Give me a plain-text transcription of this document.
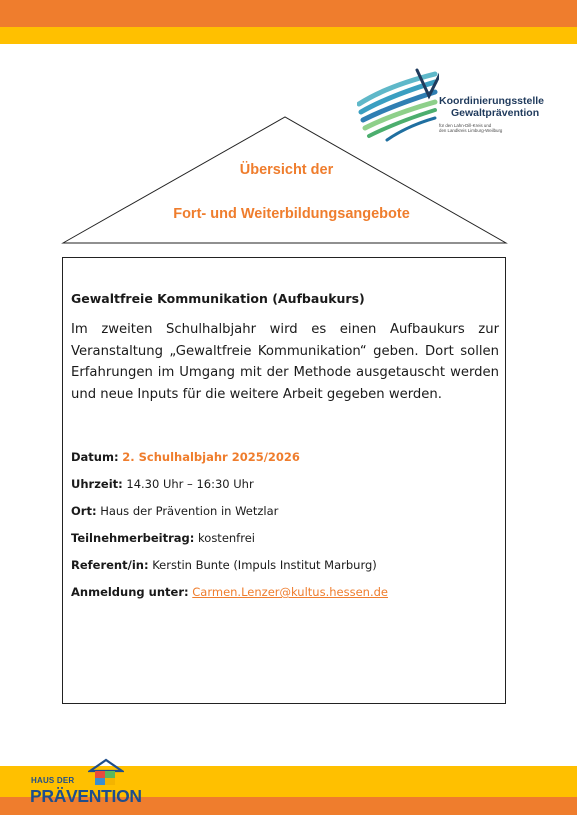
Koordinierungsstelle
Gewaltprävention
für den Lahn-Dill-Kreis und
den Landkreis Limburg-Weilburg
Übersicht der
Fort- und Weiterbildungsangebote
Gewaltfreie Kommunikation (Aufbaukurs)

Im zweiten Schulhalbjahr wird es einen Aufbaukurs zur Veranstaltung „Gewaltfreie Kommunikation“ geben. Dort sollen Erfahrungen im Umgang mit der Methode ausgetauscht werden und neue Inputs für die weitere Arbeit gegeben werden.

Datum: 2. Schulhalbjahr 2025/2026
Uhrzeit: 14.30 Uhr – 16:30 Uhr
Ort: Haus der Prävention in Wetzlar
Teilnehmerbeitrag: kostenfrei
Referent/in: Kerstin Bunte (Impuls Institut Marburg)
Anmeldung unter: Carmen.Lenzer@kultus.hessen.de
HAUS DER
PRÄVENTION
